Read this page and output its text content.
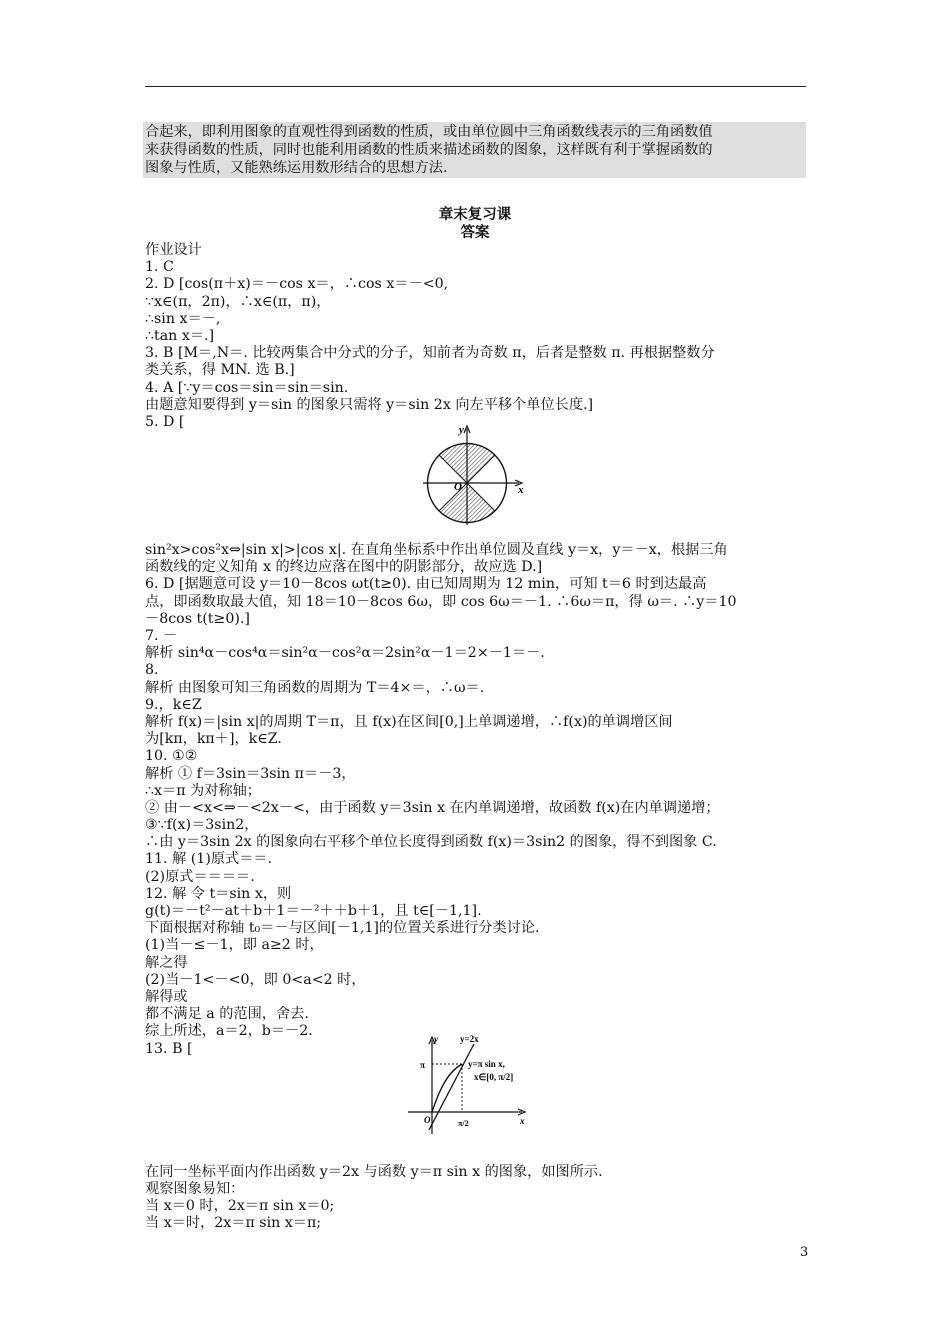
合起来，即利用图象的直观性得到函数的性质，或由单位圆中三角函数线表示的三角函数值
来获得函数的性质，同时也能利用函数的性质来描述函数的图象，这样既有利于掌握函数的
图象与性质，又能熟练运用数形结合的思想方法.
章末复习课
答案
作业设计
1. C
2. D [cos(π＋x)＝－cos x＝，∴cos x＝－<0,
∵x∈(π，2π)，∴x∈(π，π)，
∴sin x＝－,
∴tan x＝.]
3. B [M＝,N＝. 比较两集合中分式的分子，知前者为奇数 π，后者是整数 π. 再根据整数分
类关系，得 MN. 选 B.]
4. A [∵y＝cos＝sin＝sin＝sin.
由题意知要得到 y＝sin 的图象只需将 y＝sin 2x 向左平移个单位长度.]
5. D [
sin²x>cos²x⇔|sin x|>|cos x|. 在直角坐标系中作出单位圆及直线 y＝x，y＝－x，根据三角
函数线的定义知角 x 的终边应落在图中的阴影部分，故应选 D.]
6. D [据题意可设 y＝10－8cos ωt(t≥0). 由已知周期为 12 min，可知 t＝6 时到达最高
点，即函数取最大值，知 18＝10－8cos 6ω，即 cos 6ω＝－1. ∴6ω＝π，得 ω＝. ∴y＝10
－8cos t(t≥0).]
7. －
解析 sin⁴α－cos⁴α＝sin²α－cos²α＝2sin²α－1＝2×－1＝－.
8.
解析 由图象可知三角函数的周期为 T＝4×＝，∴ω＝.
9.，k∈Z
解析 f(x)＝|sin x|的周期 T＝π，且 f(x)在区间[0,]上单调递增，∴f(x)的单调增区间
为[kπ，kπ＋]，k∈Z.
10. ①②
解析 ① f＝3sin＝3sin π＝－3，
∴x＝π 为对称轴；
② 由－<x<⇒－<2x－<，由于函数 y＝3sin x 在内单调递增，故函数 f(x)在内单调递增；
③∵f(x)＝3sin2，
∴由 y＝3sin 2x 的图象向右平移个单位长度得到函数 f(x)＝3sin2 的图象，得不到图象 C.
11. 解 (1)原式＝＝.
(2)原式＝＝＝＝.
12. 解 令 t＝sin x，则
g(t)＝－t²－at＋b＋1＝－²＋＋b＋1，且 t∈[－1,1].
下面根据对称轴 t₀＝－与区间[－1,1]的位置关系进行分类讨论.
(1)当－≤－1，即 a≥2 时，
解之得
(2)当－1<－<0，即 0<a<2 时，
解得或
都不满足 a 的范围，舍去.
综上所述，a＝2，b＝－2.
13. B [
在同一坐标平面内作出函数 y＝2x 与函数 y＝π sin x 的图象，如图所示.
观察图象易知：
当 x＝0 时，2x＝π sin x＝0;
当 x＝时，2x＝π sin x＝π;
y
x
O
y=2x
y=π sin x,
x∈[0, π/2]
π
π/2
y
x
O
3
